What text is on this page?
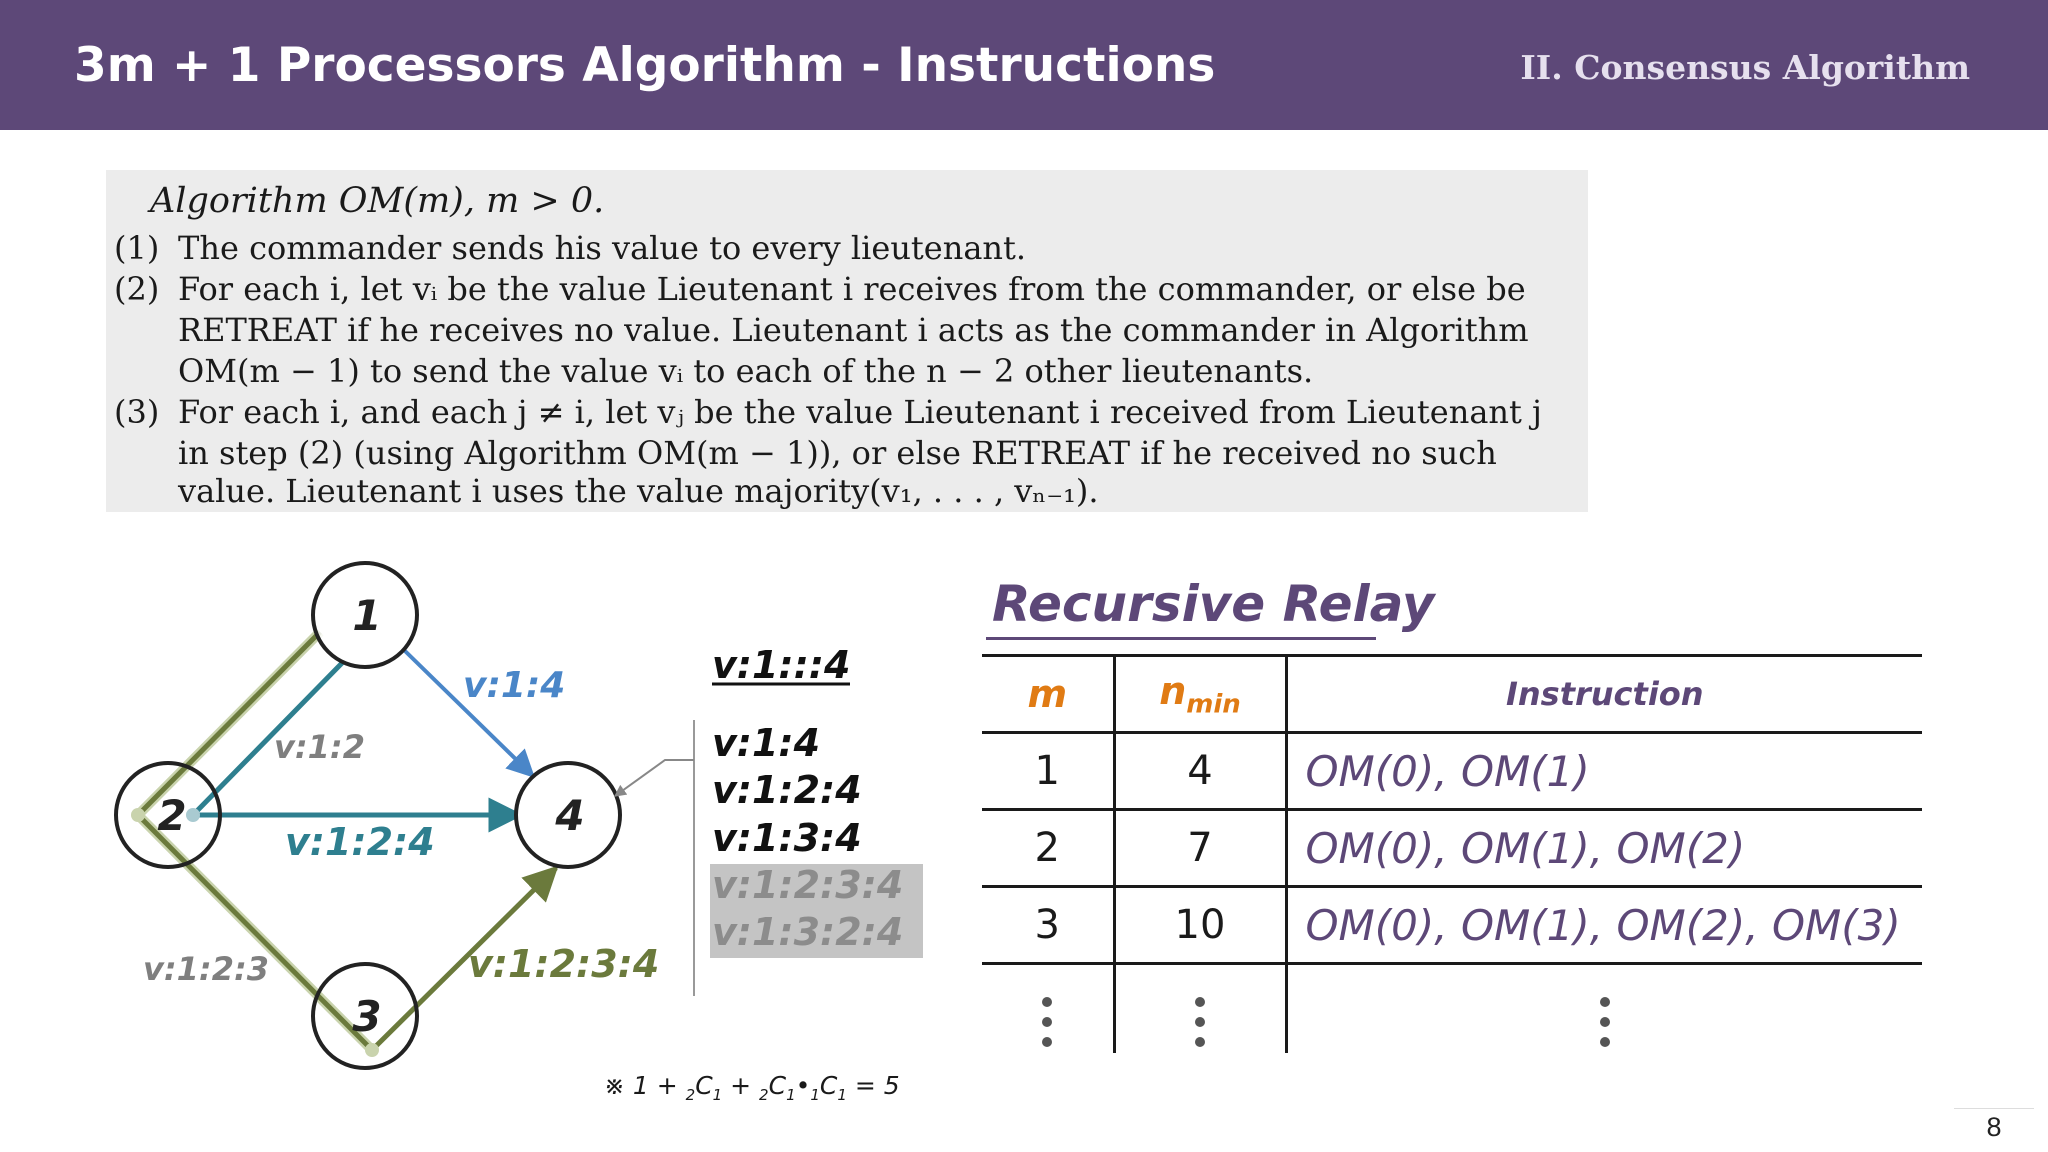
3m + 1 Processors Algorithm - Instructions	II. Consensus Algorithm
Algorithm OM(m), m > 0.
(1) The commander sends his value to every lieutenant.
(2) For each i, let vᵢ be the value Lieutenant i receives from the commander, or else be
RETREAT if he receives no value. Lieutenant i acts as the commander in Algorithm
OM(m − 1) to send the value vᵢ to each of the n − 2 other lieutenants.
(3) For each i, and each j ≠ i, let vⱼ be the value Lieutenant i received from Lieutenant j
in step (2) (using Algorithm OM(m − 1)), or else RETREAT if he received no such
value. Lieutenant i uses the value majority(v₁, . . . , vₙ₋₁).
1
2
3
4
v:1:4
v:1:2
v:1:2:4
v:1:2:3	v:1:2:3:4
v:1:::4
v:1:4
v:1:2:4
v:1:3:4
v:1:2:3:4
v:1:3:2:4
Recursive Relay
m	$n_{min}$	Instruction
1	4	OM(0), OM(1)
2	7	OM(0), OM(1), OM(2)
3	10	OM(0), OM(1), OM(2), OM(3)

※ $1 + _2C_1$ + $_2C_1•_1C_1 = 5$
8
